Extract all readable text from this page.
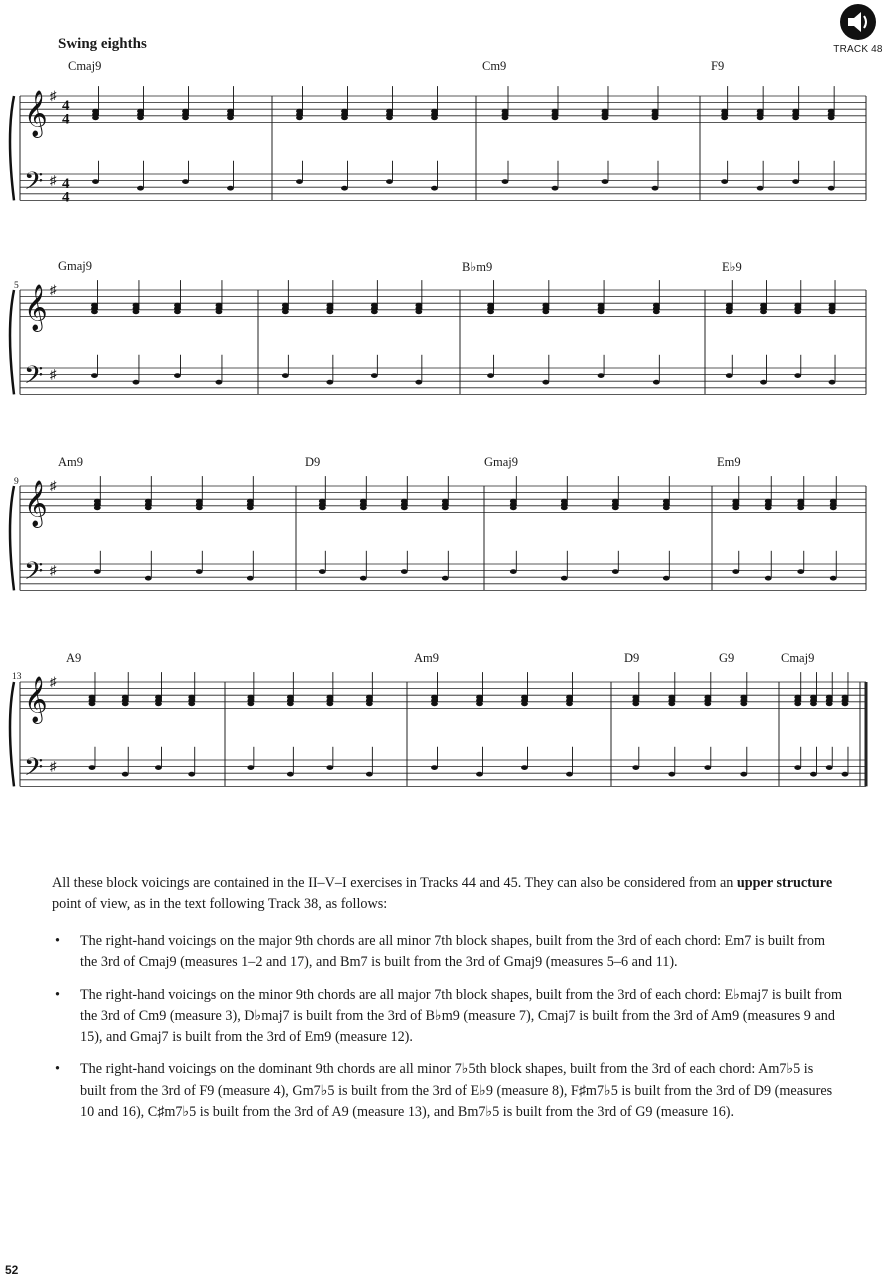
Swing eighths	TRACK 48
Cmaj9	Cm9	F9
5
Gmaj9	B♭m9	E♭9
9
Am9	D9	Gmaj9	Em9
13
A9	Am9	D9	G9	Cmaj9
𝄞 ♯
𝄢 ♯
4
4
4
4
𝄞 ♯
𝄢 ♯
𝄞 ♯
𝄢 ♯
𝄞 ♯
𝄢 ♯
All these block voicings are contained in the II–V–I exercises in Tracks 44 and 45. They can also be considered from an upper structure point of view, as in the text following Track 38, as follows:
• The right-hand voicings on the major 9th chords are all minor 7th block shapes, built from the 3rd of each chord: Em7 is built from the 3rd of Cmaj9 (measures 1–2 and 17), and Bm7 is built from the 3rd of Gmaj9 (measures 5–6 and 11).
• The right-hand voicings on the minor 9th chords are all major 7th block shapes, built from the 3rd of each chord: E♭maj7 is built from the 3rd of Cm9 (measure 3), D♭maj7 is built from the 3rd of B♭m9 (measure 7), Cmaj7 is built from the 3rd of Am9 (measures 9 and 15), and Gmaj7 is built from the 3rd of Em9 (measure 12).
• The right-hand voicings on the dominant 9th chords are all minor 7♭5th block shapes, built from the 3rd of each chord: Am7♭5 is built from the 3rd of F9 (measure 4), Gm7♭5 is built from the 3rd of E♭9 (measure 8), F♯m7♭5 is built from the 3rd of D9 (measures 10 and 16), C♯m7♭5 is built from the 3rd of A9 (measure 13), and Bm7♭5 is built from the 3rd of G9 (measure 16).
52
